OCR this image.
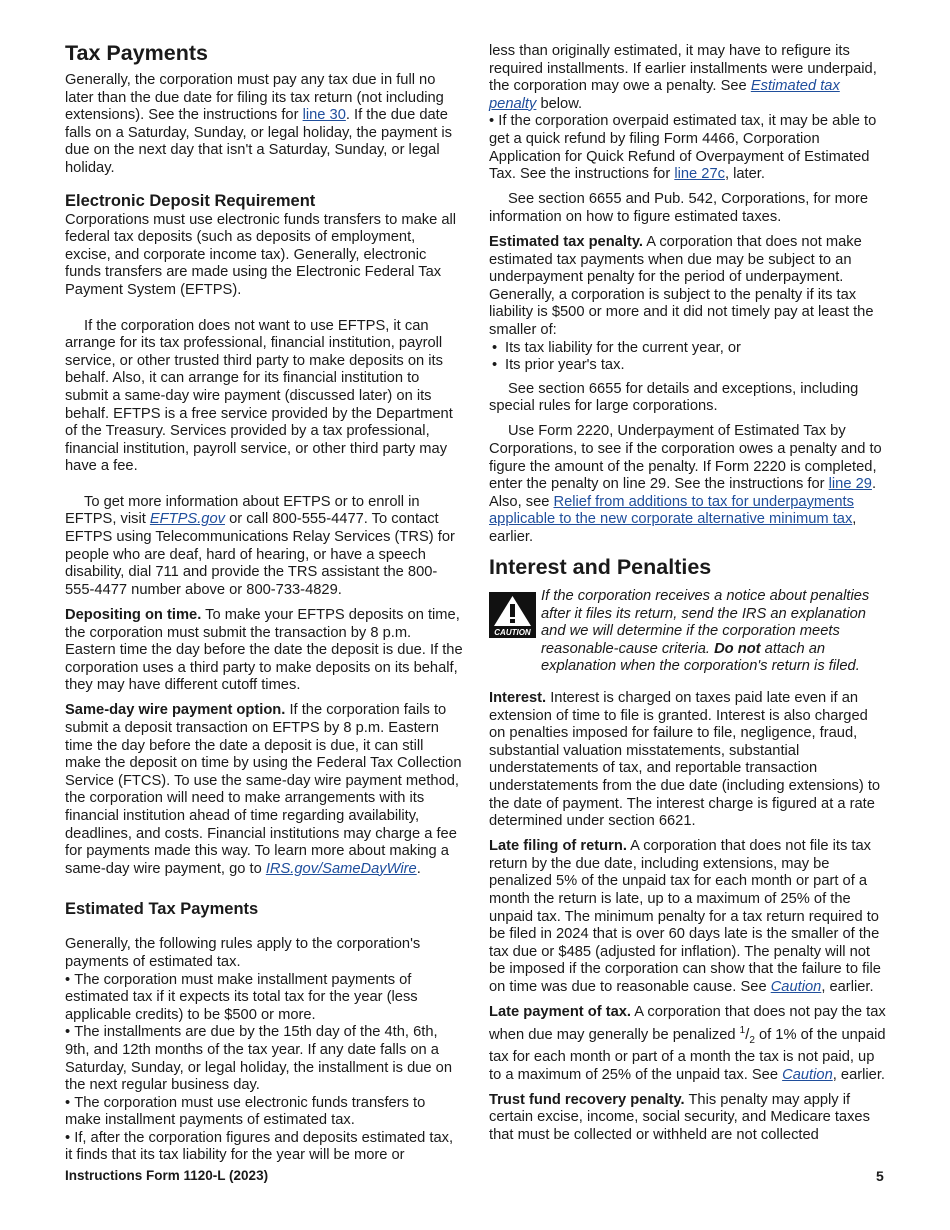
Tax Payments

Generally, the corporation must pay any tax due in full no later than the due date for filing its tax return (not including extensions). See the instructions for line 30. If the due date falls on a Saturday, Sunday, or legal holiday, the payment is due on the next day that isn't a Saturday, Sunday, or legal holiday.

Electronic Deposit Requirement

Corporations must use electronic funds transfers to make all federal tax deposits (such as deposits of employment, excise, and corporate income tax). Generally, electronic funds transfers are made using the Electronic Federal Tax Payment System (EFTPS).

If the corporation does not want to use EFTPS, it can arrange for its tax professional, financial institution, payroll service, or other trusted third party to make deposits on its behalf. Also, it can arrange for its financial institution to submit a same-day wire payment (discussed later) on its behalf. EFTPS is a free service provided by the Department of the Treasury. Services provided by a tax professional, financial institution, payroll service, or other third party may have a fee.

To get more information about EFTPS or to enroll in EFTPS, visit EFTPS.gov or call 800-555-4477. To contact EFTPS using Telecommunications Relay Services (TRS) for people who are deaf, hard of hearing, or have a speech disability, dial 711 and provide the TRS assistant the 800-555-4477 number above or 800-733-4829.

Depositing on time. To make your EFTPS deposits on time, the corporation must submit the transaction by 8 p.m. Eastern time the day before the date the deposit is due. If the corporation uses a third party to make deposits on its behalf, they may have different cutoff times.

Same-day wire payment option. If the corporation fails to submit a deposit transaction on EFTPS by 8 p.m. Eastern time the day before the date a deposit is due, it can still make the deposit on time by using the Federal Tax Collection Service (FTCS). To use the same-day wire payment method, the corporation will need to make arrangements with its financial institution ahead of time regarding availability, deadlines, and costs. Financial institutions may charge a fee for payments made this way. To learn more about making a same-day wire payment, go to IRS.gov/SameDayWire.

Estimated Tax Payments

Generally, the following rules apply to the corporation's payments of estimated tax.

• The corporation must make installment payments of estimated tax if it expects its total tax for the year (less applicable credits) to be $500 or more.
• The installments are due by the 15th day of the 4th, 6th, 9th, and 12th months of the tax year. If any date falls on a Saturday, Sunday, or legal holiday, the installment is due on the next regular business day.
• The corporation must use electronic funds transfers to make installment payments of estimated tax.
• If, after the corporation figures and deposits estimated tax, it finds that its tax liability for the year will be more or

less than originally estimated, it may have to refigure its required installments. If earlier installments were underpaid, the corporation may owe a penalty. See Estimated tax penalty below.

• If the corporation overpaid estimated tax, it may be able to get a quick refund by filing Form 4466, Corporation Application for Quick Refund of Overpayment of Estimated Tax. See the instructions for line 27c, later.

See section 6655 and Pub. 542, Corporations, for more information on how to figure estimated taxes.

Estimated tax penalty. A corporation that does not make estimated tax payments when due may be subject to an underpayment penalty for the period of underpayment. Generally, a corporation is subject to the penalty if its tax liability is $500 or more and it did not timely pay at least the smaller of:

• Its tax liability for the current year, or
• Its prior year's tax.

See section 6655 for details and exceptions, including special rules for large corporations.

Use Form 2220, Underpayment of Estimated Tax by Corporations, to see if the corporation owes a penalty and to figure the amount of the penalty. If Form 2220 is completed, enter the penalty on line 29. See the instructions for line 29. Also, see Relief from additions to tax for underpayments applicable to the new corporate alternative minimum tax, earlier.

Interest and Penalties
CAUTION
If the corporation receives a notice about penalties after it files its return, send the IRS an explanation and we will determine if the corporation meets reasonable-cause criteria. Do not attach an explanation when the corporation's return is filed.

Interest. Interest is charged on taxes paid late even if an extension of time to file is granted. Interest is also charged on penalties imposed for failure to file, negligence, fraud, substantial valuation misstatements, substantial understatements of tax, and reportable transaction understatements from the due date (including extensions) to the date of payment. The interest charge is figured at a rate determined under section 6621.

Late filing of return. A corporation that does not file its tax return by the due date, including extensions, may be penalized 5% of the unpaid tax for each month or part of a month the return is late, up to a maximum of 25% of the unpaid tax. The minimum penalty for a tax return required to be filed in 2024 that is over 60 days late is the smaller of the tax due or $485 (adjusted for inflation). The penalty will not be imposed if the corporation can show that the failure to file on time was due to reasonable cause. See Caution, earlier.

Late payment of tax. A corporation that does not pay the tax when due may generally be penalized $^1/_2$ of 1% of the unpaid tax for each month or part of a month the tax is not paid, up to a maximum of 25% of the unpaid tax. See Caution, earlier.

Trust fund recovery penalty. This penalty may apply if certain excise, income, social security, and Medicare taxes that must be collected or withheld are not collected

Instructions Form 1120-L (2023)	5
